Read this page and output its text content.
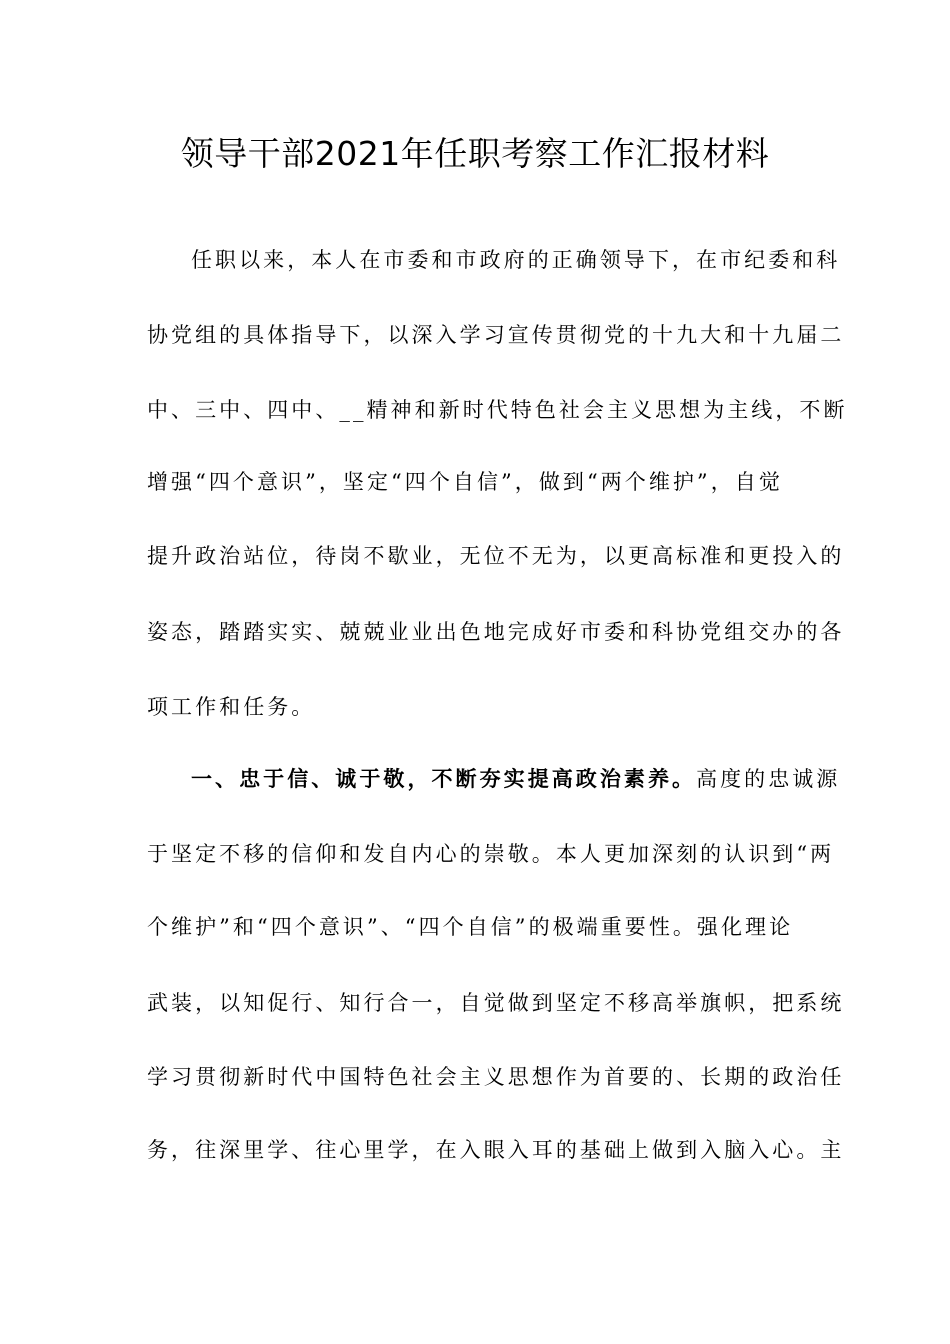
领导干部2021年任职考察工作汇报材料
任职以来，本人在市委和市政府的正确领导下，在市纪委和科
协党组的具体指导下，以深入学习宣传贯彻党的十九大和十九届二
中、三中、四中、__精神和新时代特色社会主义思想为主线，不断
增强“四个意识”，坚定“四个自信”，做到“两个维护”，自觉
提升政治站位，待岗不歇业，无位不无为，以更高标准和更投入的
姿态，踏踏实实、兢兢业业出色地完成好市委和科协党组交办的各
项工作和任务。
一、忠于信、诚于敬，不断夯实提高政治素养。高度的忠诚源
于坚定不移的信仰和发自内心的崇敬。本人更加深刻的认识到“两
个维护”和“四个意识”、“四个自信”的极端重要性。强化理论
武装，以知促行、知行合一，自觉做到坚定不移高举旗帜，把系统
学习贯彻新时代中国特色社会主义思想作为首要的、长期的政治任
务，往深里学、往心里学，在入眼入耳的基础上做到入脑入心。主
